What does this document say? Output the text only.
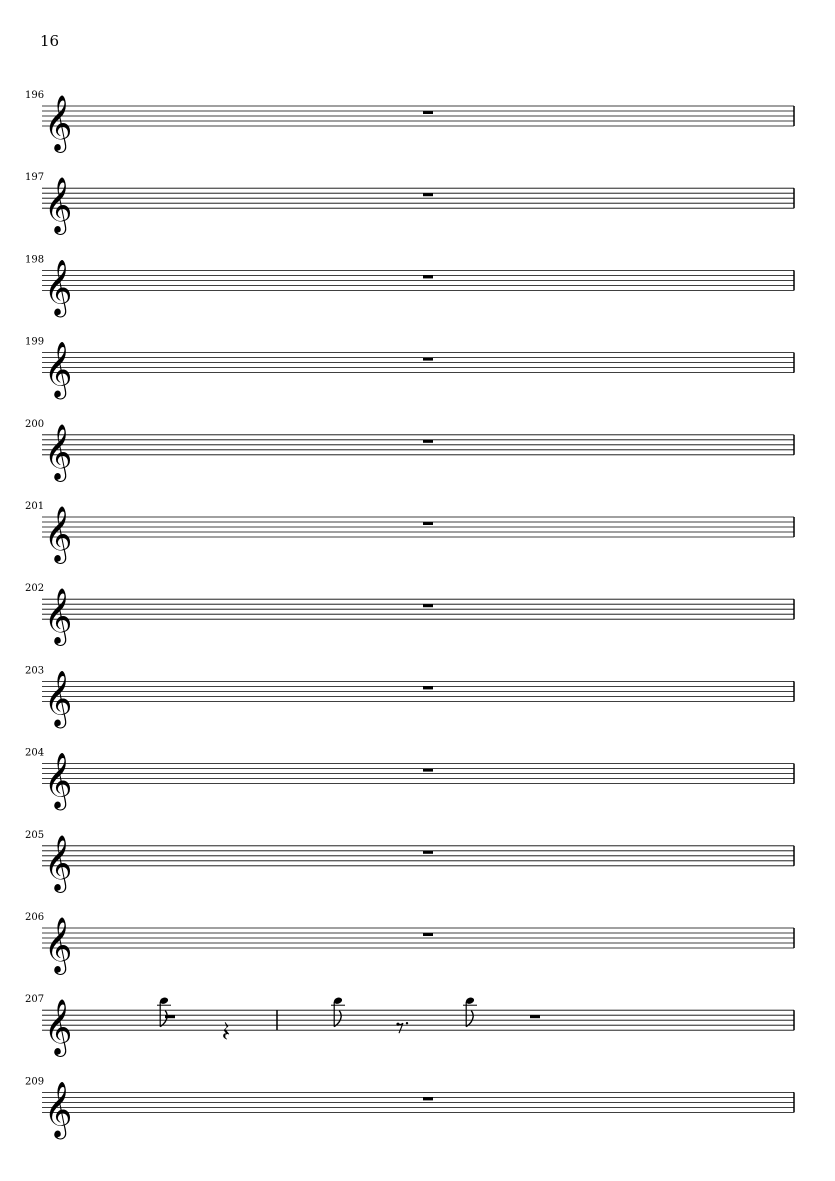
16
196 𝄞
197 𝄞
198 𝄞
199 𝄞
200 𝄞
201 𝄞
202 𝄞
203 𝄞
204 𝄞
205 𝄞
206 𝄞
207 𝄞
209 𝄞
